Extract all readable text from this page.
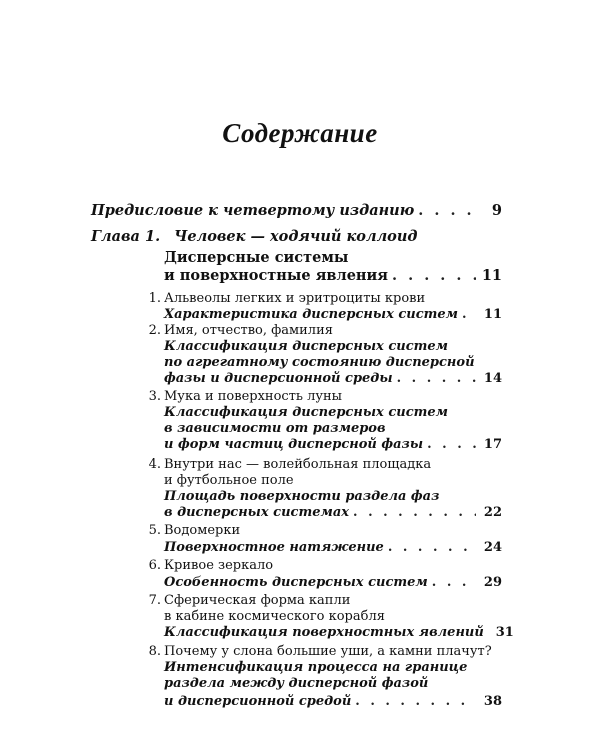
Содержание
Предисловие к четвертому изданию . . .	9
Глава 1. Человек — ходячий коллоид
Дисперсные системы
и поверхностные явления . . .	11
1. Альвеолы легких и эритроциты крови
Характеристика дисперсных систем . . .	11
2. Имя, отчество, фамилия
Классификация дисперсных систем
по агрегатному состоянию дисперсной
фазы и дисперсионной среды . . .	14
3. Мука и поверхность луны
Классификация дисперсных систем
в зависимости от размеров
и форм частиц дисперсной фазы . . .	17
4. Внутри нас — волейбольная площадка
и футбольное поле
Площадь поверхности раздела фаз
в дисперсных системах . . .	22
5. Водомерки
Поверхностное натяжение . . .	24
6. Кривое зеркало
Особенность дисперсных систем . . .	29
7. Сферическая форма капли
в кабине космического корабля
Классификация поверхностных явлений 31
8. Почему у слона большие уши, а камни плачут?
Интенсификация процесса на границе
раздела между дисперсной фазой
и дисперсионной средой . . .	38
